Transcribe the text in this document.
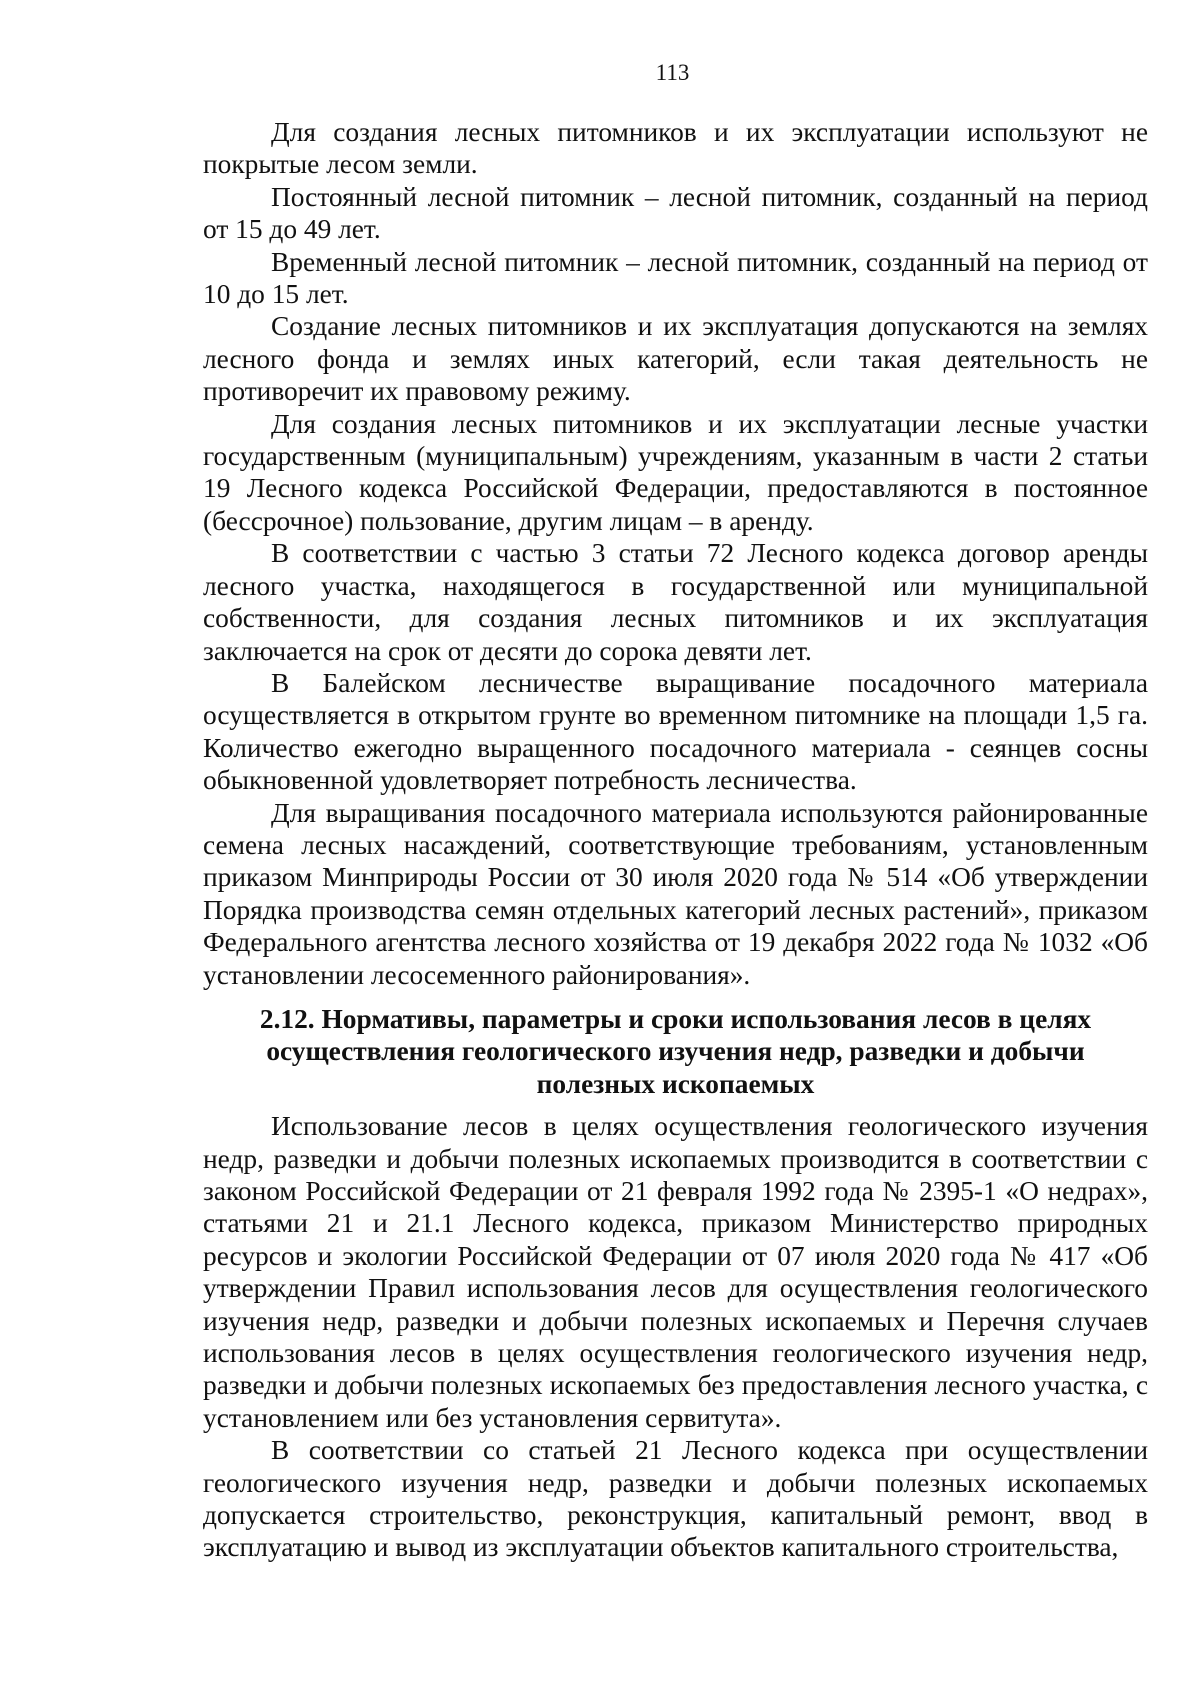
113

Для создания лесных питомников и их эксплуатации используют не покрытые лесом земли.

Постоянный лесной питомник – лесной питомник, созданный на период от 15 до 49 лет.

Временный лесной питомник – лесной питомник, созданный на период от 10 до 15 лет.

Создание лесных питомников и их эксплуатация допускаются на землях лесного фонда и землях иных категорий, если такая деятельность не противоречит их правовому режиму.

Для создания лесных питомников и их эксплуатации лесные участки государственным (муниципальным) учреждениям, указанным в части 2 статьи 19 Лесного кодекса Российской Федерации, предоставляются в постоянное (бессрочное) пользование, другим лицам – в аренду.

В соответствии с частью 3 статьи 72 Лесного кодекса договор аренды лесного участка, находящегося в государственной или муниципальной собственности, для создания лесных питомников и их эксплуатация заключается на срок от десяти до сорока девяти лет.

В Балейском лесничестве выращивание посадочного материала осуществляется в открытом грунте во временном питомнике на площади 1,5 га. Количество ежегодно выращенного посадочного материала - сеянцев сосны обыкновенной удовлетворяет потребность лесничества.

Для выращивания посадочного материала используются районированные семена лесных насаждений, соответствующие требованиям, установленным приказом Минприроды России от 30 июля 2020 года № 514 «Об утверждении Порядка производства семян отдельных категорий лесных растений», приказом Федерального агентства лесного хозяйства от 19 декабря 2022 года № 1032 «Об установлении лесосеменного районирования».

2.12. Нормативы, параметры и сроки использования лесов в целях осуществления геологического изучения недр, разведки и добычи полезных ископаемых

Использование лесов в целях осуществления геологического изучения недр, разведки и добычи полезных ископаемых производится в соответствии с законом Российской Федерации от 21 февраля 1992 года № 2395-1 «О недрах», статьями 21 и 21.1 Лесного кодекса, приказом Министерство природных ресурсов и экологии Российской Федерации от 07 июля 2020 года № 417 «Об утверждении Правил использования лесов для осуществления геологического изучения недр, разведки и добычи полезных ископаемых и Перечня случаев использования лесов в целях осуществления геологического изучения недр, разведки и добычи полезных ископаемых без предоставления лесного участка, с установлением или без установления сервитута».

В соответствии со статьей 21 Лесного кодекса при осуществлении геологического изучения недр, разведки и добычи полезных ископаемых допускается строительство, реконструкция, капитальный ремонт, ввод в эксплуатацию и вывод из эксплуатации объектов капитального строительства,
